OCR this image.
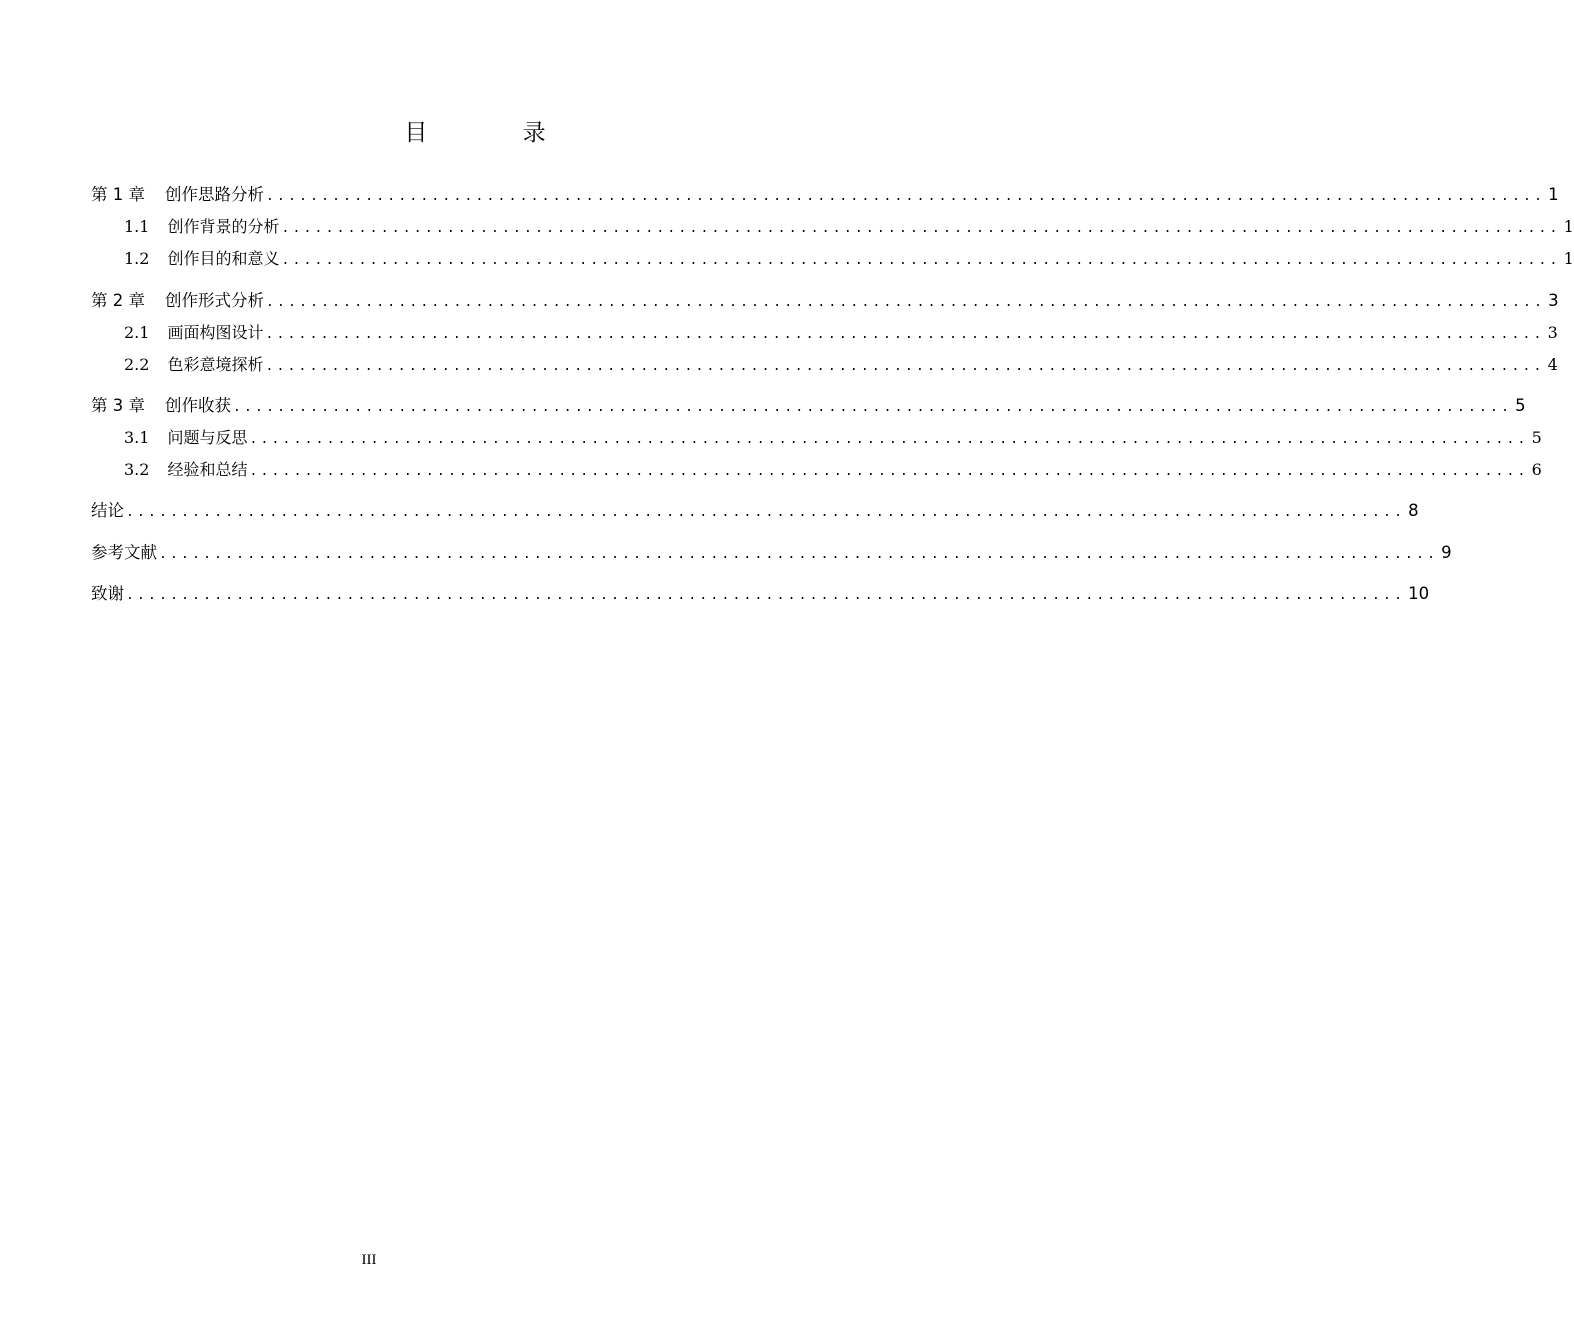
目 录
第 1 章 创作思路分析 .................................................................................................................... 1
1.1 创作背景的分析 .................................................................................................................... 1
1.2 创作目的和意义 .................................................................................................................... 1
第 2 章 创作形式分析 .................................................................................................................... 3
2.1 画面构图设计 .................................................................................................................... 3
2.2 色彩意境探析 .................................................................................................................... 4
第 3 章 创作收获 .................................................................................................................... 5
3.1 问题与反思 .................................................................................................................... 5
3.2 经验和总结 .................................................................................................................... 6
结论 .................................................................................................................... 8
参考文献 .................................................................................................................... 9
致谢 .................................................................................................................... 10
III
